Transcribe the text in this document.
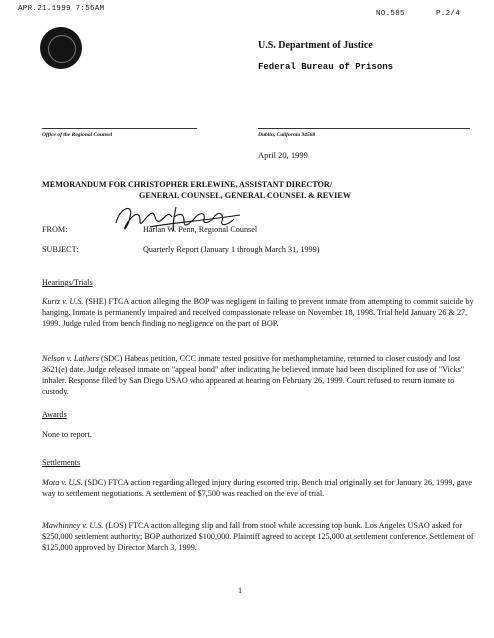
APR.21.1999 7:56AM
NO.585	P.2/4
U.S. Department of Justice
Federal Bureau of Prisons
Office of the Regional Counsel	Dublin, California 94568
April 20, 1999
MEMORANDUM FOR CHRISTOPHER ERLEWINE, ASSISTANT DIRECTOR/
GENERAL COUNSEL, GENERAL COUNSEL & REVIEW
FROM:	Harlan W. Penn, Regional Counsel
SUBJECT:	Quarterly Report (January 1 through March 31, 1999)
Hearings/Trials

Kurtz v. U.S. (SHE) FTCA action alleging the BOP was negligent in failing to prevent inmate from attempting to commit suicide by hanging. Inmate is permanently impaired and received compassionate release on November 18, 1998. Trial held January 26 & 27, 1999. Judge ruled from bench finding no negligence on the part of BOP.

Nelson v. Lathers (SDC) Habeas petition, CCC inmate tested positive for methamphetamine, returned to closer custody and lost 3621(e) date. Judge released inmate on "appeal bond" after indicating he believed inmate had been disciplined for use of "Vicks" inhaler. Response filed by San Diego USAO who appeared at hearing on February 26, 1999. Court refused to return inmate to custody.

Awards
None to report.
Settlements

Mota v. U.S. (SDC) FTCA action regarding alleged injury during escorted trip. Bench trial originally set for January 26, 1999, gave way to settlement negotiations. A settlement of $7,500 was reached on the eve of trial.

Mawhinney v. U.S. (LOS) FTCA action alleging slip and fall from stool while accessing top bunk. Los Angeles USAO asked for $250,000 settlement authority; BOP authorized $100,000. Plaintiff agreed to accept 125,000 at settlement conference. Settlement of $125,000 approved by Director March 3, 1999.

1
